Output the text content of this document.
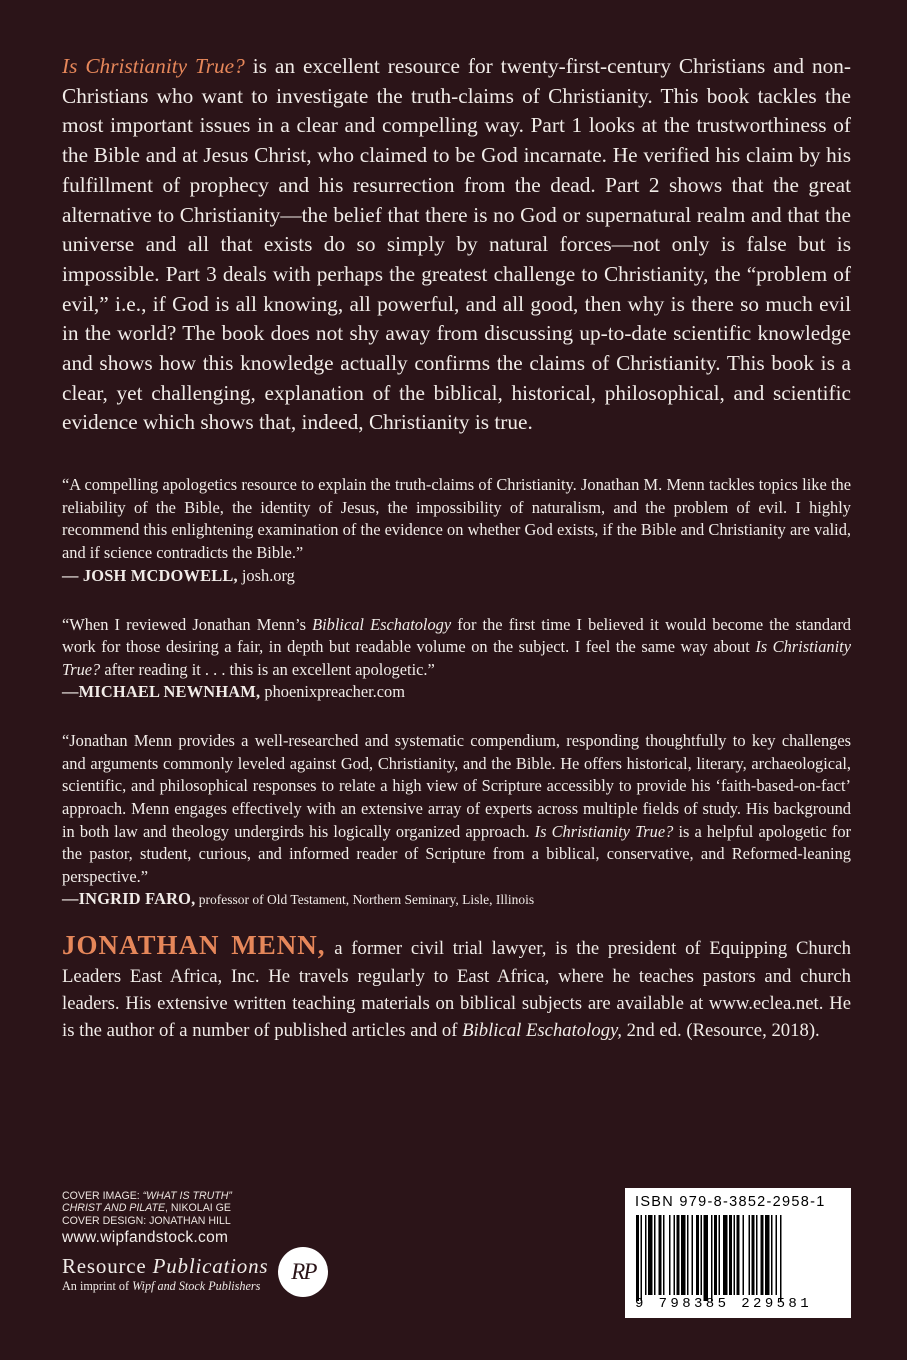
Is Christianity True? is an excellent resource for twenty-first-century Christians and non-Christians who want to investigate the truth-claims of Christianity. This book tackles the most important issues in a clear and compelling way. Part 1 looks at the trustworthiness of the Bible and at Jesus Christ, who claimed to be God incarnate. He verified his claim by his fulfillment of prophecy and his resurrection from the dead. Part 2 shows that the great alternative to Christianity—the belief that there is no God or supernatural realm and that the universe and all that exists do so simply by natural forces—not only is false but is impossible. Part 3 deals with perhaps the greatest challenge to Christianity, the “problem of evil,” i.e., if God is all knowing, all powerful, and all good, then why is there so much evil in the world? The book does not shy away from discussing up-to-date scientific knowledge and shows how this knowledge actually confirms the claims of Christianity. This book is a clear, yet challenging, explanation of the biblical, historical, philosophical, and scientific evidence which shows that, indeed, Christianity is true.

“A compelling apologetics resource to explain the truth-claims of Christianity. Jonathan M. Menn tackles topics like the reliability of the Bible, the identity of Jesus, the impossibility of naturalism, and the problem of evil. I highly recommend this enlightening examination of the evidence on whether God exists, if the Bible and Christianity are valid, and if science contradicts the Bible.”

— JOSH MCDOWELL, josh.org

“When I reviewed Jonathan Menn’s Biblical Eschatology for the first time I believed it would become the standard work for those desiring a fair, in depth but readable volume on the subject. I feel the same way about Is Christianity True? after reading it . . . this is an excellent apologetic.”

—MICHAEL NEWNHAM, phoenixpreacher.com

“Jonathan Menn provides a well-researched and systematic compendium, responding thoughtfully to key challenges and arguments commonly leveled against God, Christianity, and the Bible. He offers historical, literary, archaeological, scientific, and philosophical responses to relate a high view of Scripture accessibly to provide his ‘faith-based-on-fact’ approach. Menn engages effectively with an extensive array of experts across multiple fields of study. His background in both law and theology undergirds his logically organized approach. Is Christianity True? is a helpful apologetic for the pastor, student, curious, and informed reader of Scripture from a biblical, conservative, and Reformed-leaning perspective.”

—INGRID FARO, professor of Old Testament, Northern Seminary, Lisle, Illinois

JONATHAN MENN, a former civil trial lawyer, is the president of Equipping Church Leaders East Africa, Inc. He travels regularly to East Africa, where he teaches pastors and church leaders. His extensive written teaching materials on biblical subjects are available at www.eclea.net. He is the author of a number of published articles and of Biblical Eschatology, 2nd ed. (Resource, 2018).

COVER IMAGE: “WHAT IS TRUTH”
CHRIST AND PILATE, NIKOLAI GE
COVER DESIGN: JONATHAN HILL

www.wipfandstock.com
Resource Publications
An imprint of Wipf and Stock Publishers
RP

ISBN 979-8-3852-2958-1

9 798385 229581
